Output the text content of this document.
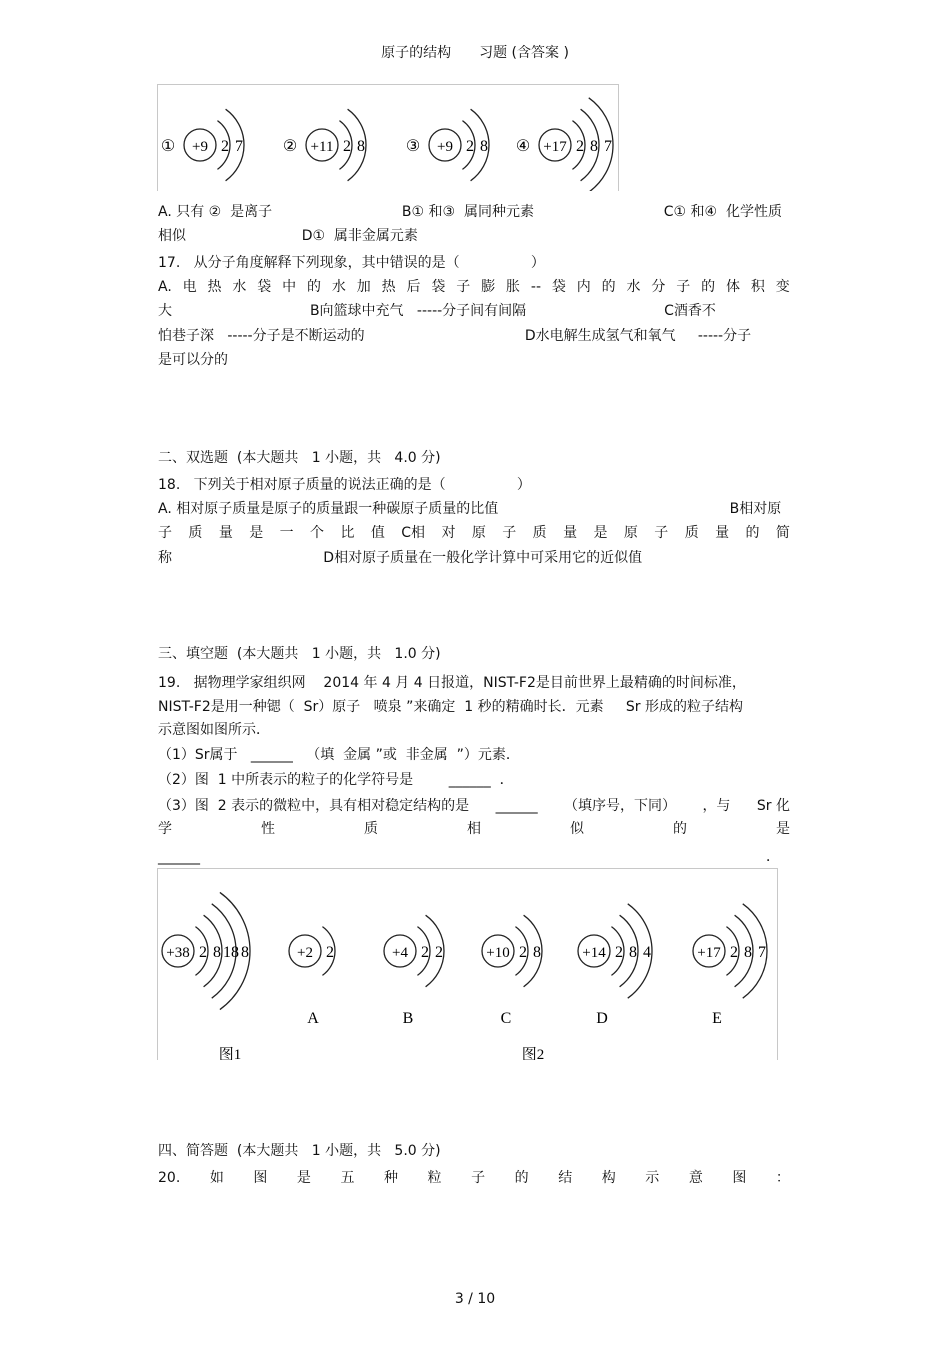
原子的结构　　习题 (含答案 )
① +9 2 7 ② +11 2 8	③ +9 2 8 ④ +17 2 8 7
A. 只有 ②  是离子	B① 和③  属同种元素	C① 和④  化学性质
相似                          D①  属非金属元素
17.   从分子角度解释下列现象，其中错误的是（                ）
A. 电 热 水 袋 中 的 水 加 热 后 袋 子 膨 胀 -- 袋 内 的 水 分 子 的 体 积 变
大                               B向篮球中充气   -----分子间有间隔                               C酒香不
怕巷子深   -----分子是不断运动的                                    D水电解生成氢气和氧气     -----分子
是可以分的
二、双选题  (本大题共   1 小题，共   4.0 分)
18.   下列关于相对原子质量的说法正确的是（                ）
A. 相对原子质量是原子的质量跟一种碳原子质量的比值                                                    B相对原
子 质 量 是 一 个 比 值 C相 对 原 子 质 量 是 原 子 质 量 的 简
称                                  D相对原子质量在一般化学计算中可采用它的近似值
三、填空题  (本大题共   1 小题，共   1.0 分)
19.   据物理学家组织网    2014 年 4 月 4 日报道，NIST-F2是目前世界上最精确的时间标准，
NIST-F2是用一种锶（  Sr）原子   喷泉 ”来确定  1 秒的精确时长．元素     Sr 形成的粒子结构
示意图如图所示．
（1）Sr属于   ______   （填  金属 ”或  非金属  ”）元素．
（2）图  1 中所表示的粒子的化学符号是        ______  ．
（3）图  2 表示的微粒中，具有相对稳定结构的是 ______ （填序号，下同） ，与 Sr 化
学	性	质	相	似	的	是
______	．
+38 2 8 18 8	+2 2
A
+4 2 2
B
+10 2 8
C
+14 2 8 4
D
+17 2 8 7
E
图1	图2
四、简答题  (本大题共   1 小题，共   5.0 分)
20. 如 图 是 五 种 粒 子 的 结 构 示 意 图 ：
3 / 10
